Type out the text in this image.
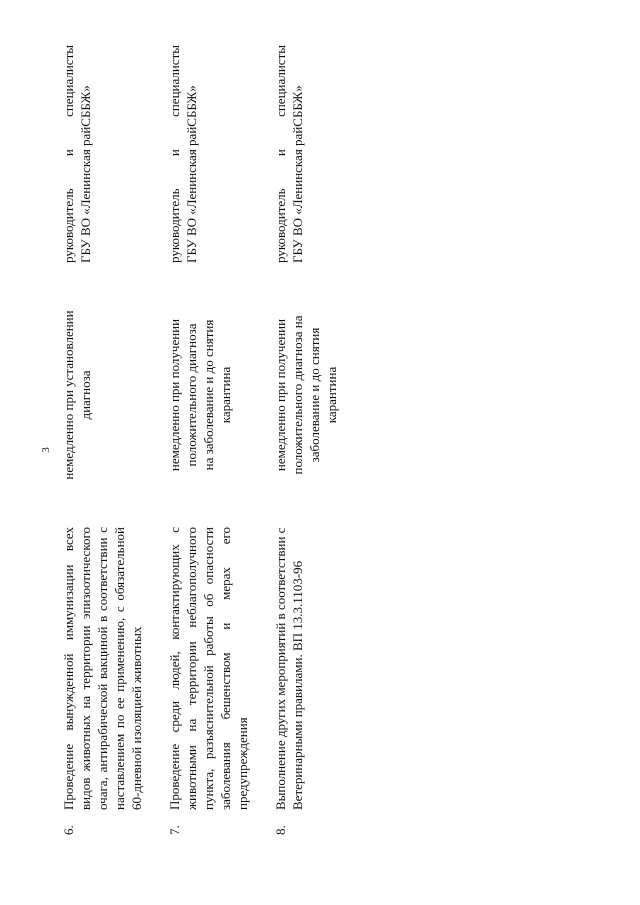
3
6.
Проведение вынужденной иммунизации всех видов животных на территории эпизоотического очага, антирабической вакциной в соответствии с наставлением по ее применению, с обязательной 60-дневной изоляцией животных
немедленно при установлении диагноза
руководитель и специалисты ГБУ ВО «Ленинская райСББЖ»
7.
Проведение среди людей, контактирующих с животными на территории неблагополучного пункта, разъяснительной работы об опасности заболевания бешенством и мерах его предупреждения
немедленно при получении положительного диагноза на заболевание и до снятия карантина
руководитель и специалисты ГБУ ВО «Ленинская райСББЖ»
8.
Выполнение других мероприятий в соответствии с Ветеринарными правилами. ВП 13.3.1103-96
немедленно при получении положительного диагноза на заболевание и до снятия карантина
руководитель и специалисты ГБУ ВО «Ленинская райСББЖ»
